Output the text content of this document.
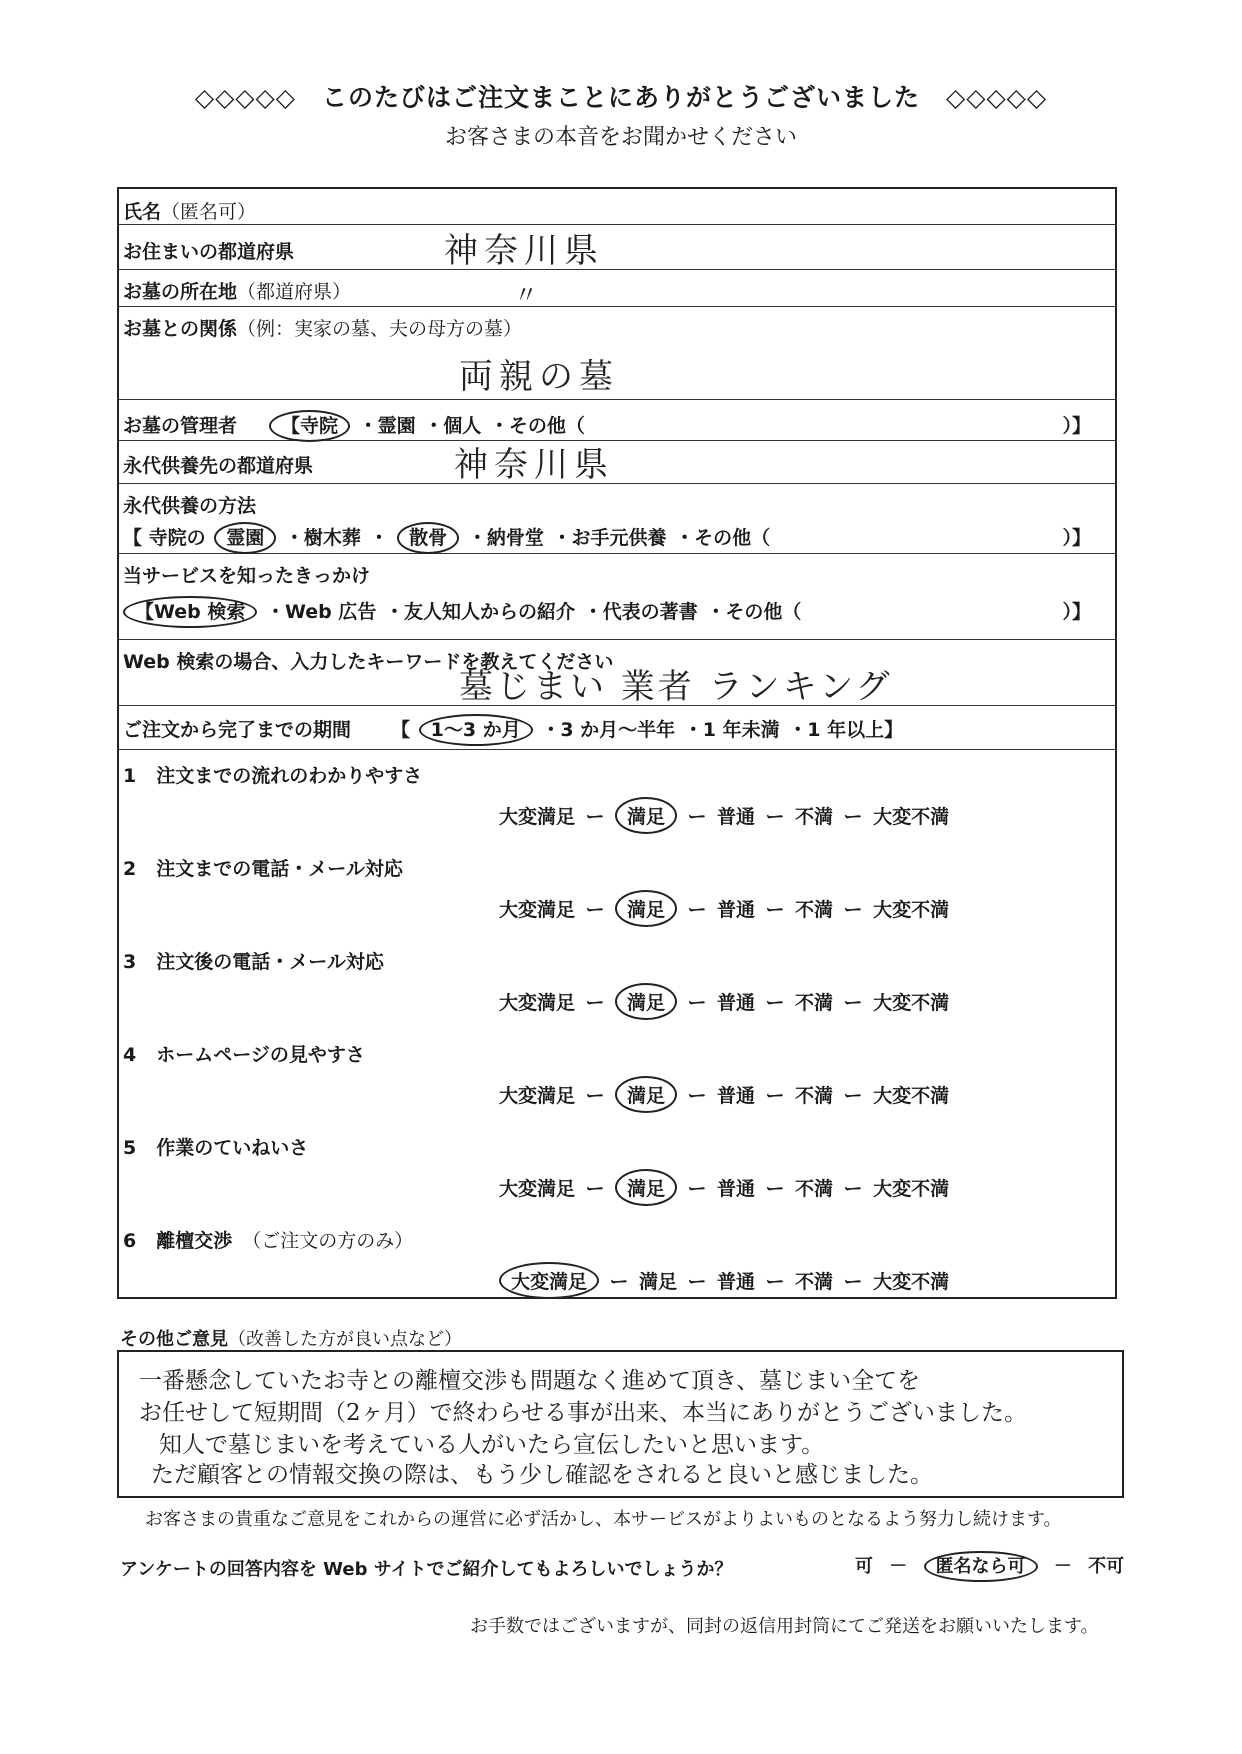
◇◇◇◇◇　このたびはご注文まことにありがとうございました　◇◇◇◇◇
お客さまの本音をお聞かせください
氏名（匿名可）
お住まいの都道府県	神奈川県
お墓の所在地（都道府県）	〃
お墓との関係（例：実家の墓、夫の母方の墓）
両親の墓
お墓の管理者	【寺院 ・霊園 ・個人 ・その他（	）】
永代供養先の都道府県	神奈川県
永代供養の方法
【 寺院の 霊園 ・樹木葬 ・ 散骨 ・納骨堂 ・お手元供養 ・その他（	）】
当サービスを知ったきっかけ
【Web 検索 ・Web 広告 ・友人知人からの紹介 ・代表の著書 ・その他（	）】
Web 検索の場合、入力したキーワードを教えてください
墓じまい 業者 ランキング
ご注文から完了までの期間 【 1～3 か月 ・3 か月～半年 ・1 年未満 ・1 年以上】
1 注文までの流れのわかりやすさ
大変満足 ー 満足 ー 普通 ー 不満 ー 大変不満
2 注文までの電話・メール対応
大変満足 ー 満足 ー 普通 ー 不満 ー 大変不満
3 注文後の電話・メール対応
大変満足 ー 満足 ー 普通 ー 不満 ー 大変不満
4 ホームページの見やすさ
大変満足 ー 満足 ー 普通 ー 不満 ー 大変不満
5 作業のていねいさ
大変満足 ー 満足 ー 普通 ー 不満 ー 大変不満
6 離檀交渉 （ご注文の方のみ）
大変満足 ー 満足 ー 普通 ー 不満 ー 大変不満
その他ご意見（改善した方が良い点など）
一番懸念していたお寺との離檀交渉も問題なく進めて頂き、墓じまい全てを
お任せして短期間（2ヶ月）で終わらせる事が出来、本当にありがとうございました。
知人で墓じまいを考えている人がいたら宣伝したいと思います。
ただ顧客との情報交換の際は、もう少し確認をされると良いと感じました。
お客さまの貴重なご意見をこれからの運営に必ず活かし、本サービスがよりよいものとなるよう努力し続けます。
アンケートの回答内容を Web サイトでご紹介してもよろしいでしょうか？	可 － 匿名なら可 － 不可
お手数ではございますが、同封の返信用封筒にてご発送をお願いいたします。
